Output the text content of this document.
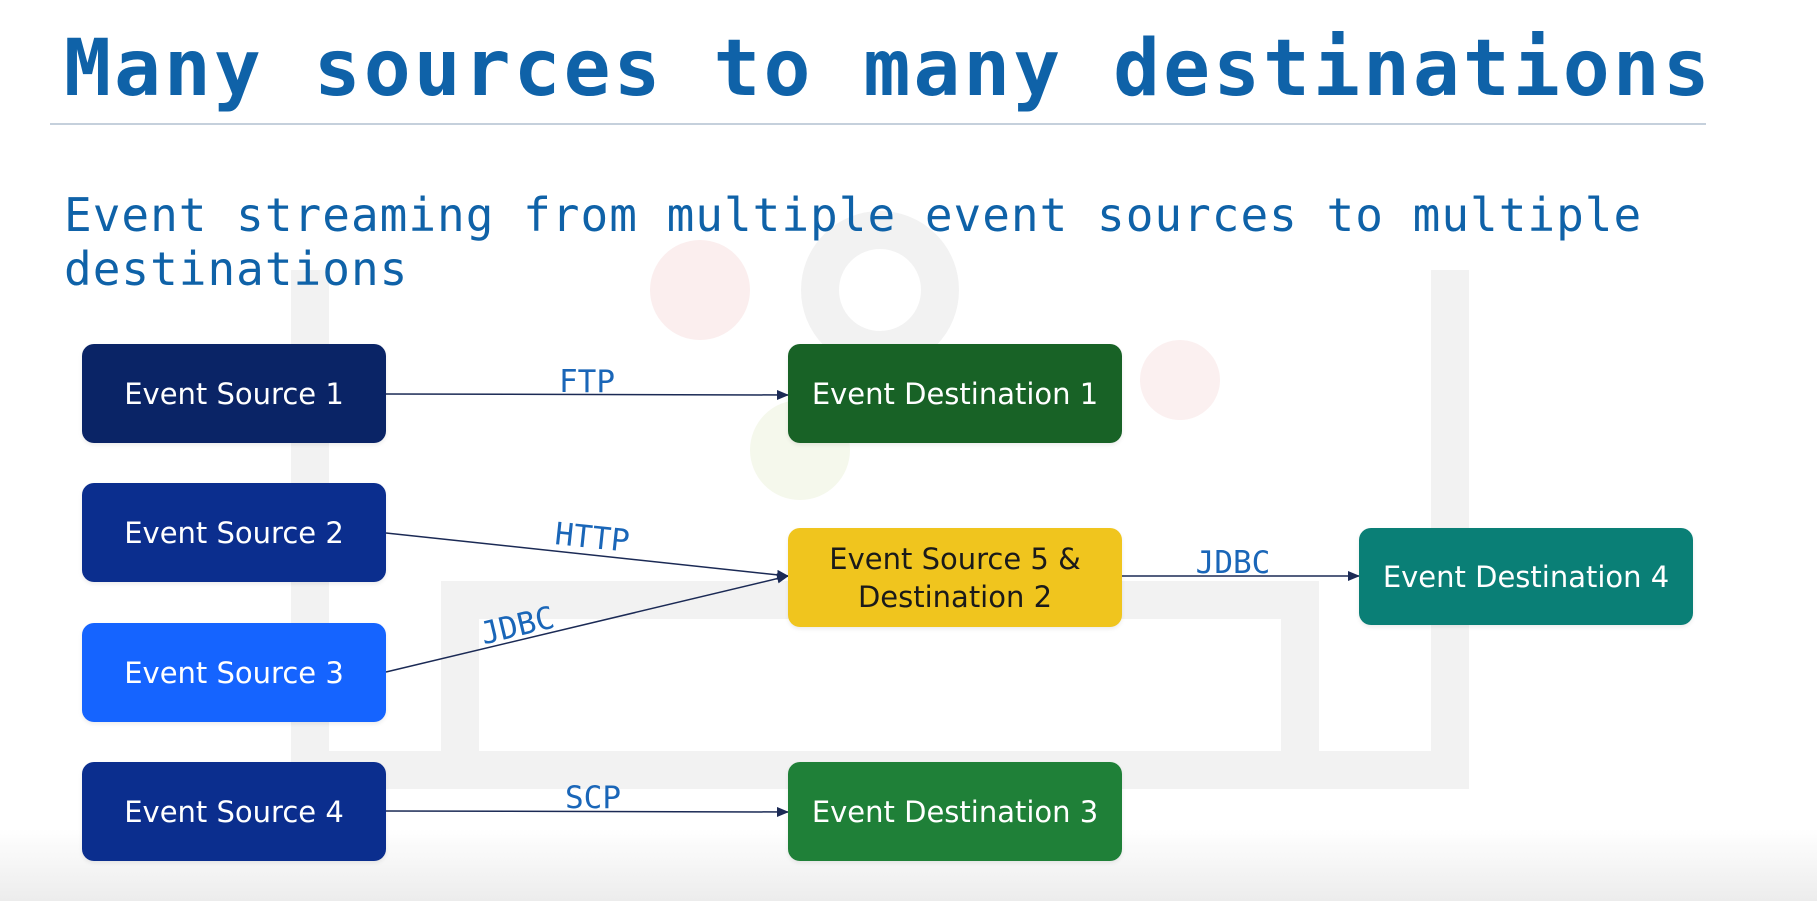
Many sources to many destinations

Event streaming from multiple event sources to multiple destinations

FTP
HTTP
JDBC
SCP
JDBC
Event Source 1
Event Source 2
Event Source 3
Event Source 4
Event Destination 1
Event Source 5 &
Destination 2
Event Destination 3
Event Destination 4
